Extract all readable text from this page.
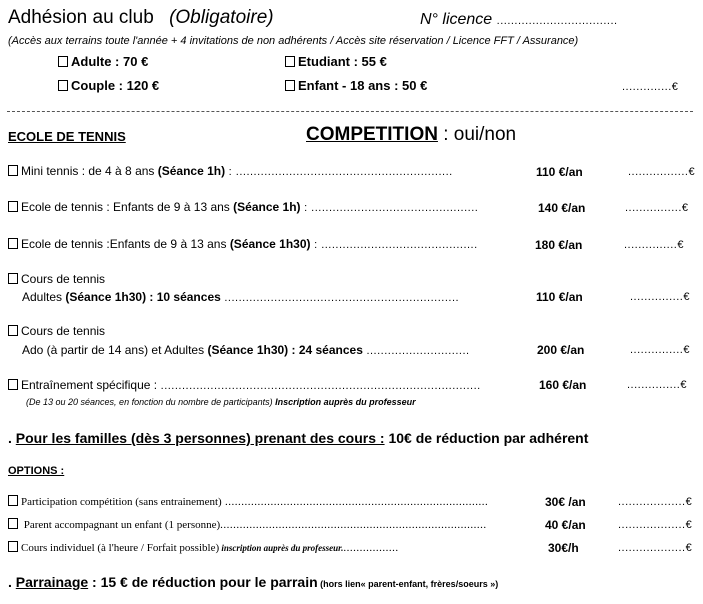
Adhésion au club (Obligatoire)	N° licence ..................................
(Accès aux terrains toute l'année + 4 invitations de non adhérents / Accès site réservation / Licence FFT / Assurance)
Adulte : 70 €	Etudiant : 55 €
Couple : 120 €	Enfant - 18 ans : 50 €	..............€
ECOLE DE TENNIS	COMPETITION : oui/non
Mini tennis : de 4 à 8 ans (Séance 1h) : .............................................................	110 €/an	.................€
Ecole de tennis : Enfants de 9 à 13 ans (Séance 1h) : ...............................................	140 €/an	................€
Ecole de tennis :Enfants de 9 à 13 ans (Séance 1h30) : ............................................	180 €/an	...............€
Cours de tennis
Adultes (Séance 1h30) : 10 séances ..................................................................	110 €/an	...............€
Cours de tennis
Ado (à partir de 14 ans) et Adultes (Séance 1h30) : 24 séances .............................	200 €/an	...............€
Entraînement spécifique : ..........................................................................................	160 €/an	...............€
(De 13 ou 20 séances, en fonction du nombre de participants) Inscription auprès du professeur
. Pour les familles (dès 3 personnes) prenant des cours : 10€ de réduction par adhérent
OPTIONS :
Participation compétition (sans entrainement) .................................................................................	30€ /an	...................€
Parent accompagnant un enfant (1 personne)..................................................................................	40 €/an	...................€
Cours individuel (à l'heure / Forfait possible) inscription auprès du professeur..................	30€/h	...................€
. Parrainage : 15 € de réduction pour le parrain (hors lien« parent-enfant, frères/soeurs »)
